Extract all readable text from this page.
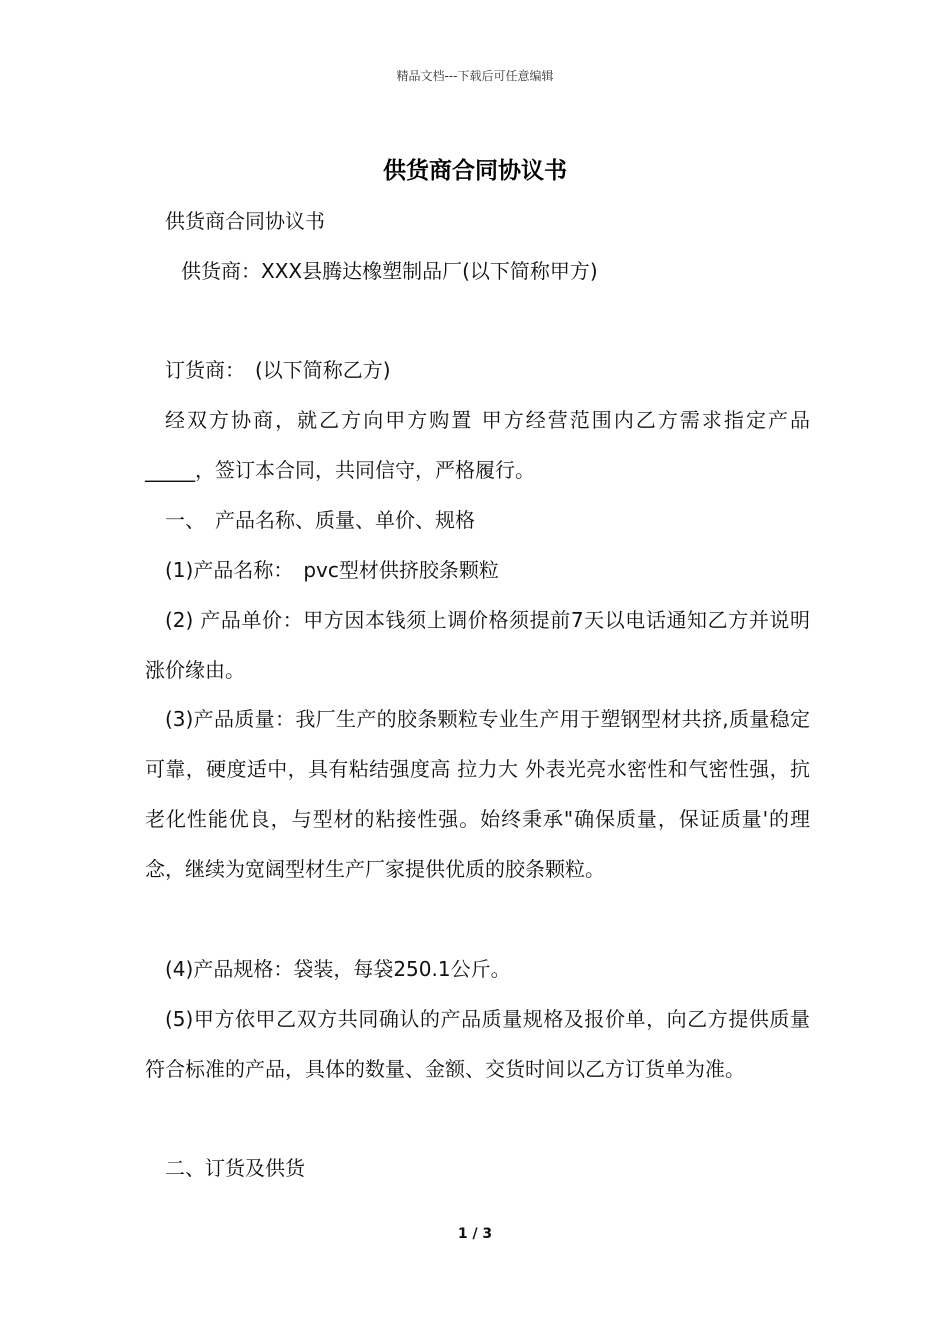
精品文档---下载后可任意编辑
供货商合同协议书
供货商合同协议书
供货商：XXX县腾达橡塑制品厂(以下简称甲方)
订货商：　(以下简称乙方)
经双方协商，就乙方向甲方购置 甲方经营范围内乙方需求指定产品_____，签订本合同，共同信守，严格履行。
一、　产品名称、质量、单价、规格
(1)产品名称：　pvc型材供挤胶条颗粒
(2) 产品单价：甲方因本钱须上调价格须提前7天以电话通知乙方并说明涨价缘由。
(3)产品质量：我厂生产的胶条颗粒专业生产用于塑钢型材共挤,质量稳定可靠，硬度适中，具有粘结强度高 拉力大 外表光亮水密性和气密性强，抗老化性能优良，与型材的粘接性强。始终秉承"确保质量，保证质量'的理念，继续为宽阔型材生产厂家提供优质的胶条颗粒。
(4)产品规格：袋装，每袋250.1公斤。
(5)甲方依甲乙双方共同确认的产品质量规格及报价单，向乙方提供质量符合标准的产品，具体的数量、金额、交货时间以乙方订货单为准。
二、订货及供货
1 / 3
